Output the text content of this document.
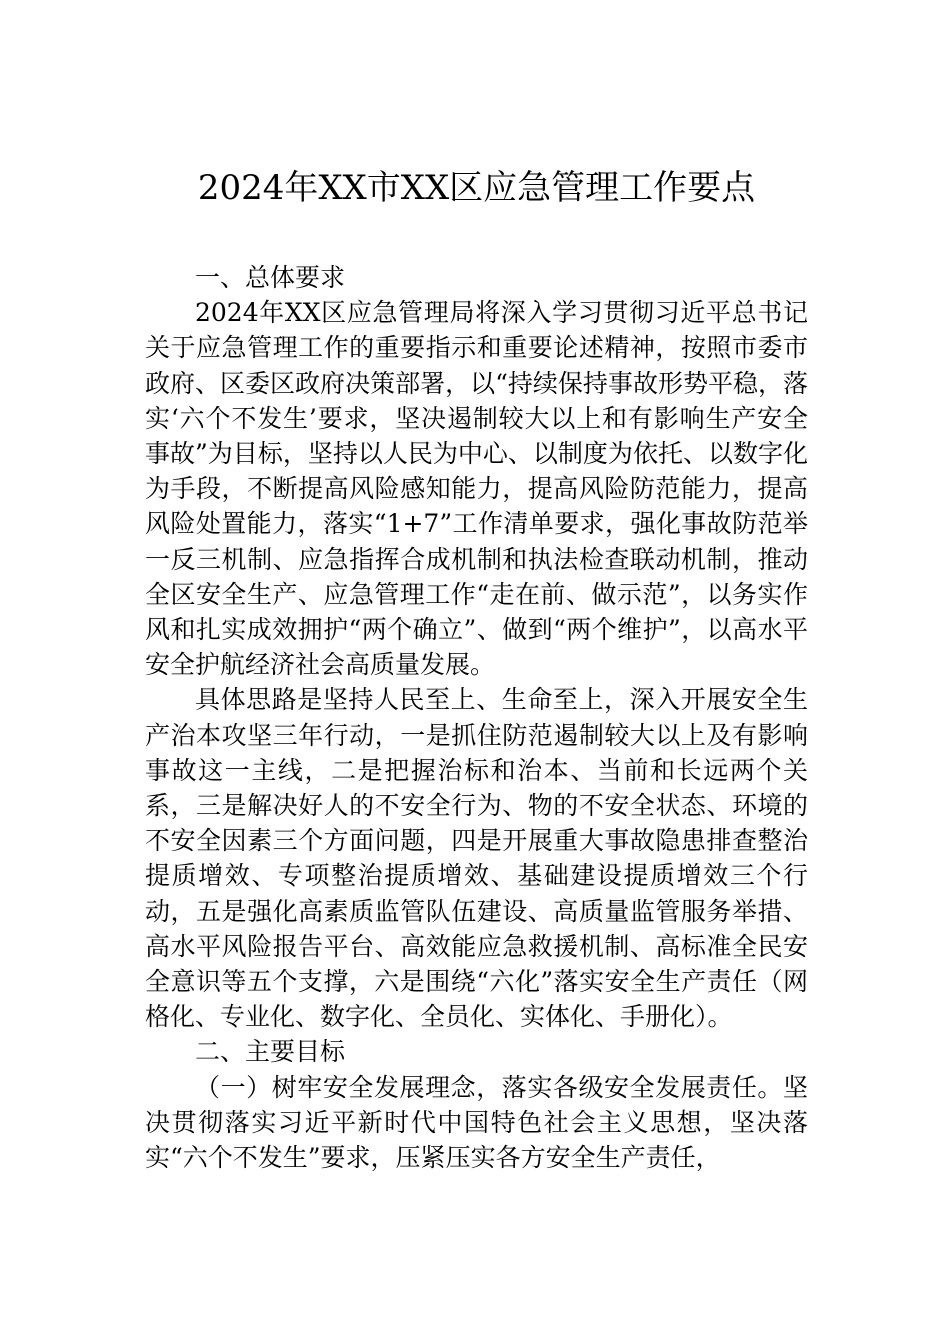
2024年XX市XX区应急管理工作要点

一、总体要求

2024年XX区应急管理局将深入学习贯彻习近平总书记关于应急管理工作的重要指示和重要论述精神，按照市委市政府、区委区政府决策部署，以“持续保持事故形势平稳，落实‘六个不发生’要求，坚决遏制较大以上和有影响生产安全事故”为目标，坚持以人民为中心、以制度为依托、以数字化为手段，不断提高风险感知能力，提高风险防范能力，提高风险处置能力，落实“1+7”工作清单要求，强化事故防范举一反三机制、应急指挥合成机制和执法检查联动机制，推动全区安全生产、应急管理工作“走在前、做示范”，以务实作风和扎实成效拥护“两个确立”、做到“两个维护”，以高水平安全护航经济社会高质量发展。

具体思路是坚持人民至上、生命至上，深入开展安全生产治本攻坚三年行动，一是抓住防范遏制较大以上及有影响事故这一主线，二是把握治标和治本、当前和长远两个关系，三是解决好人的不安全行为、物的不安全状态、环境的不安全因素三个方面问题，四是开展重大事故隐患排查整治提质增效、专项整治提质增效、基础建设提质增效三个行动，五是强化高素质监管队伍建设、高质量监管服务举措、高水平风险报告平台、高效能应急救援机制、高标准全民安全意识等五个支撑，六是围绕“六化”落实安全生产责任（网格化、专业化、数字化、全员化、实体化、手册化）。

二、主要目标

（一）树牢安全发展理念，落实各级安全发展责任。坚决贯彻落实习近平新时代中国特色社会主义思想，坚决落实“六个不发生”要求，压紧压实各方安全生产责任，
